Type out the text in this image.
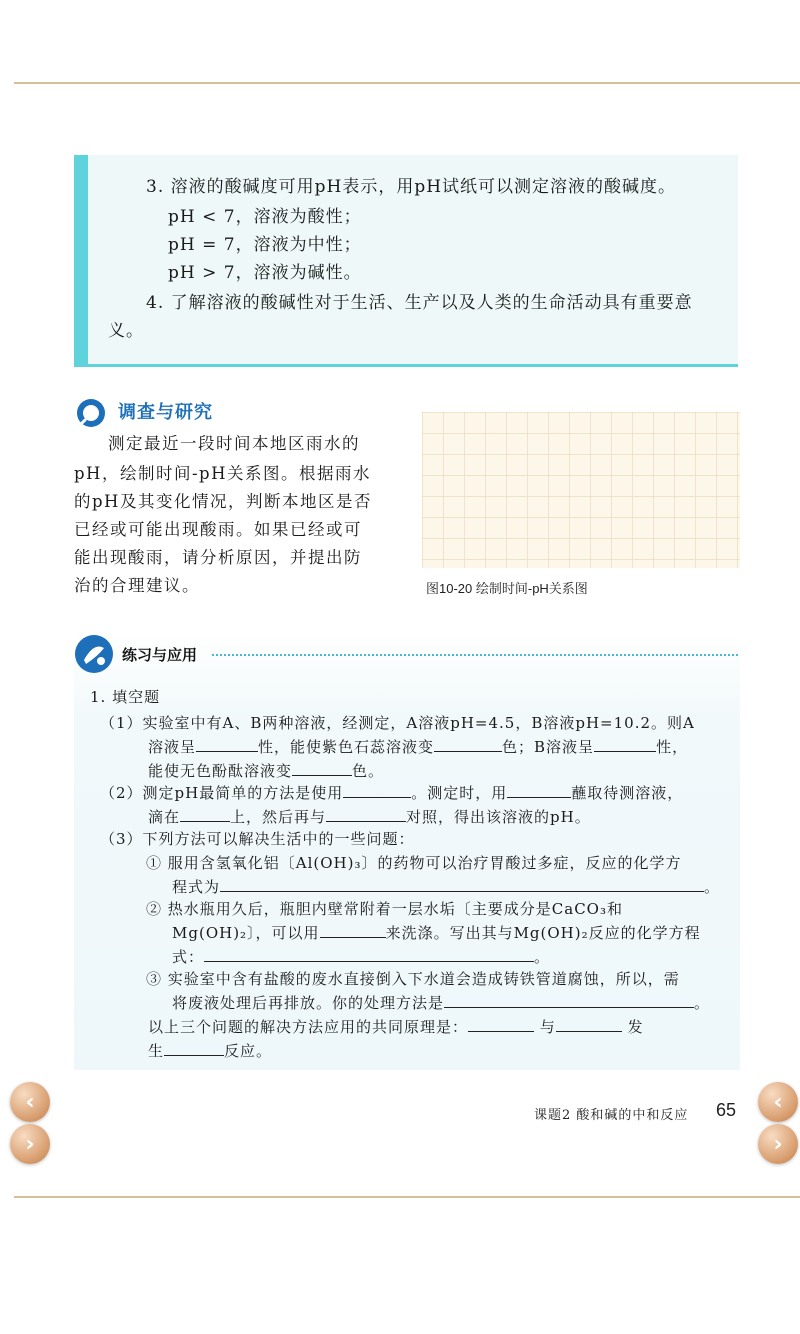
3. 溶液的酸碱度可用pH表示，用pH试纸可以测定溶液的酸碱度。
pH < 7，溶液为酸性；
pH = 7，溶液为中性；
pH > 7，溶液为碱性。
4. 了解溶液的酸碱性对于生活、生产以及人类的生命活动具有重要意
义。
调查与研究
测定最近一段时间本地区雨水的
pH，绘制时间-pH关系图。根据雨水
的pH及其变化情况，判断本地区是否
已经或可能出现酸雨。如果已经或可
能出现酸雨，请分析原因，并提出防
治的合理建议。	图10-20 绘制时间-pH关系图
练习与应用
1. 填空题
（1）实验室中有A、B两种溶液，经测定，A溶液pH=4.5，B溶液pH=10.2。则A
溶液呈	性，能使紫色石蕊溶液变	色；B溶液呈	性，
能使无色酚酞溶液变	色。
（2）测定pH最简单的方法是使用	。测定时，用	蘸取待测溶液，
滴在	上，然后再与	对照，得出该溶液的pH。
（3）下列方法可以解决生活中的一些问题：
① 服用含氢氧化铝〔Al(OH)₃〕的药物可以治疗胃酸过多症，反应的化学方
程式为	。
② 热水瓶用久后，瓶胆内壁常附着一层水垢〔主要成分是CaCO₃和
Mg(OH)₂〕，可以用	来洗涤。写出其与Mg(OH)₂反应的化学方程
式：	。
③ 实验室中含有盐酸的废水直接倒入下水道会造成铸铁管道腐蚀，所以，需
将废液处理后再排放。你的处理方法是	。
以上三个问题的解决方法应用的共同原理是：	与	发
生	反应。
课题2 酸和碱的中和反应 65
‹
›
‹
›
